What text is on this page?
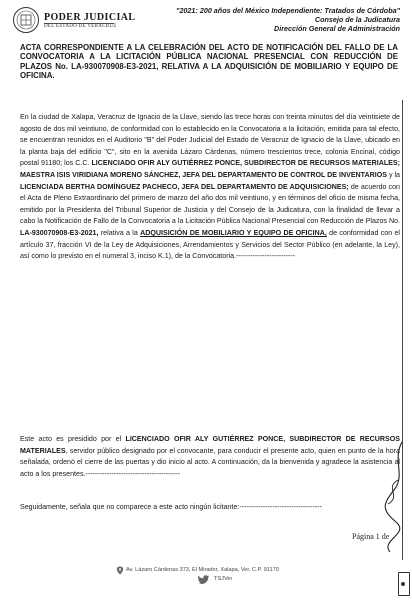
PODER JUDICIAL
DEL ESTADO DE VERACRUZ
"2021: 200 años del México Independiente: Tratados de Córdoba"
Consejo de la Judicatura
Dirección General de Administración
ACTA CORRESPONDIENTE A LA CELEBRACIÓN DEL ACTO DE NOTIFICACIÓN DEL FALLO DE LA CONVOCATORIA A LA LICITACIÓN PÚBLICA NACIONAL PRESENCIAL CON REDUCCIÓN DE PLAZOS No. LA-930070908-E3-2021, RELATIVA A LA ADQUISICIÓN DE MOBILIARIO Y EQUIPO DE OFICINA.
En la ciudad de Xalapa, Veracruz de Ignacio de la Llave, siendo las trece horas con treinta minutos del día veintisiete de agosto de dos mil veintiuno, de conformidad con lo establecido en la Convocatoria a la licitación, emitida para tal efecto, se encuentran reunidos en el Auditorio "B" del Poder Judicial del Estado de Veracruz de Ignacio de la Llave, ubicado en la planta baja del edificio "C", sito en la avenida Lázaro Cárdenas, número trescientos trece, colonia Encinal, código postal 91180; los C.C. LICENCIADO OFIR ALY GUTIÉRREZ PONCE, SUBDIRECTOR DE RECURSOS MATERIALES; MAESTRA ISIS VIRIDIANA MORENO SÁNCHEZ, JEFA DEL DEPARTAMENTO DE CONTROL DE INVENTARIOS y la LICENCIADA BERTHA DOMÍNGUEZ PACHECO, JEFA DEL DEPARTAMENTO DE ADQUISICIONES; de acuerdo con el Acta de Pleno Extraordinario del primero de marzo del año dos mil veintiuno, y en términos del oficio de misma fecha, emitido por la Presidenta del Tribunal Superior de Justicia y del Consejo de la Judicatura, con la finalidad de llevar a cabo la Notificación de Fallo de la Convocatoria a la Licitación Pública Nacional Presencial con Reducción de Plazos No. LA-930070908-E3-2021, relativa a la ADQUISICIÓN DE MOBILIARIO Y EQUIPO DE OFICINA, de conformidad con el artículo 37, fracción VI de la Ley de Adquisiciones, Arrendamientos y Servicios del Sector Público (en adelante, la Ley), así como lo previsto en el numeral 3, inciso K.1), de la Convocatoria.-------------------------
Este acto es presidido por el LICENCIADO OFIR ALY GUTIÉRREZ PONCE, SUBDIRECTOR DE RECURSOS MATERIALES, servidor público designado por el convocante, para conducir el presente acto, quien en punto de la hora señalada, ordenó el cierre de las puertas y dio inicio al acto. A continuación, da la bienvenida y agradece la asistencia al acto a los presentes.----------------------------------------
Seguidamente, señala que no comparece a este acto ningún licitante:-----------------------------------
Página 1 de
Av. Lázaro Cárdenas 373, El Mirador, Xalapa, Ver. C.P. 91170
TSJVer
